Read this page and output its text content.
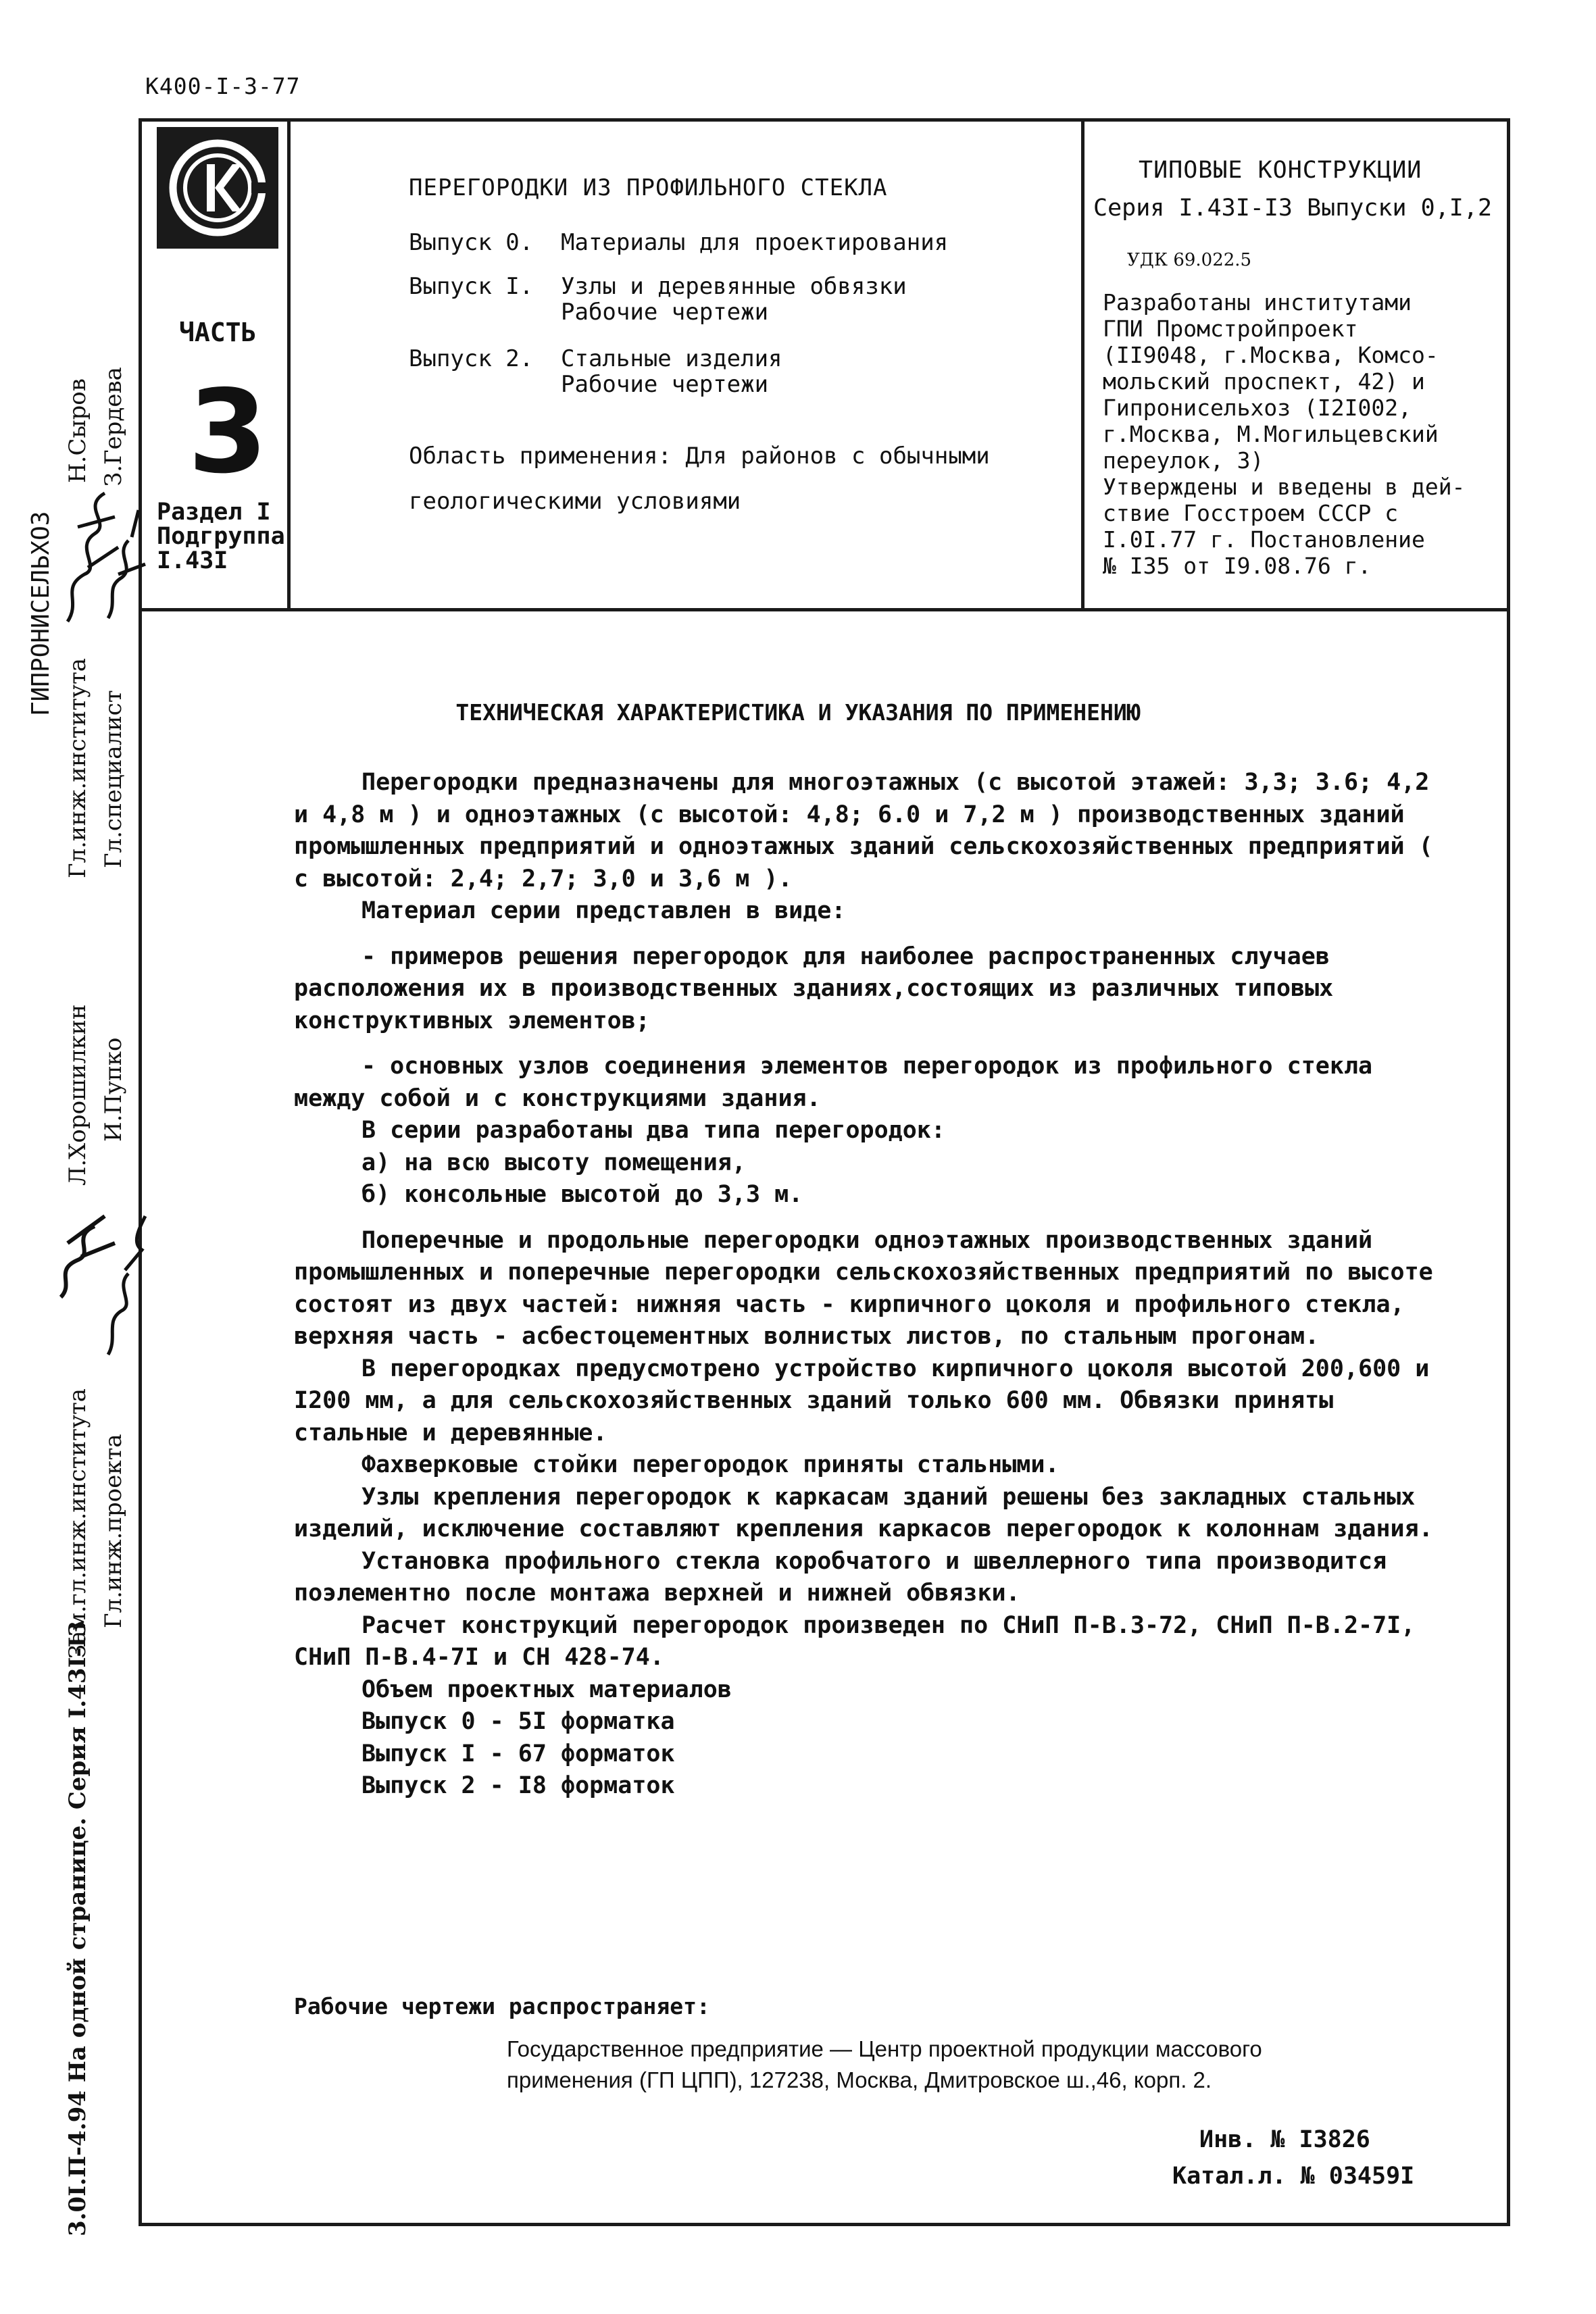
К400-I-3-77
ЧАСТЬ
3
Раздел I
Подгруппа
I.43I
ПЕРЕГОРОДКИ ИЗ ПРОФИЛЬНОГО СТЕКЛА
Выпуск 0. Материалы для проектирования
Выпуск I. Узлы и деревянные обвязки
Рабочие чертежи
Выпуск 2. Стальные изделия
Рабочие чертежи
Область применения: Для районов с обычными
геологическими условиями
ТИПОВЫЕ КОНСТРУКЦИИ
Серия I.43I-I3 Выпуски 0,I,2
УДК 69.022.5
Разработаны институтами
ГПИ Промстройпроект
(II9048, г.Москва, Комсо-
мольский проспект, 42) и
Гипронисельхоз (I2I002,
г.Москва, М.Могильцевский
переулок, 3)
Утверждены и введены в дей-
ствие Госстроем СССР с
I.0I.77 г. Постановление
№ I35 от I9.08.76 г.
ГИПРОНИСЕЛЬХОЗ
Гл.инж.института
Н.Сыров
Гл.специалист
З.Гердева
Зам.гл.инж.института
Л.Хорошилкин
Гл.инж.проекта
И.Пупко
3.0I.П-4.94 На одной странице. Серия I.43I-I3
ТЕХНИЧЕСКАЯ ХАРАКТЕРИСТИКА И УКАЗАНИЯ ПО ПРИМЕНЕНИЮ

Перегородки предназначены для многоэтажных (с высотой этажей: 3,3; 3.6; 4,2 и 4,8 м ) и одноэтажных (с высотой: 4,8; 6.0 и 7,2 м ) производственных зданий промышленных предприятий и одноэтажных зданий сельскохозяйственных предприятий ( с высотой: 2,4; 2,7; 3,0 и 3,6 м ).

Материал серии представлен в виде:

- примеров решения перегородок для наиболее распространенных случаев расположения их в производственных зданиях,состоящих из различных типовых конструктивных элементов;

- основных узлов соединения элементов перегородок из профильного стекла между собой и с конструкциями здания.

В серии разработаны два типа перегородок:

а) на всю высоту помещения,

б) консольные высотой до 3,3 м.

Поперечные и продольные перегородки одноэтажных производственных зданий промышленных и поперечные перегородки сельскохозяйственных предприятий по высоте состоят из двух частей: нижняя часть - кирпичного цоколя и профильного стекла, верхняя часть - асбестоцементных волнистых листов, по стальным прогонам.

В перегородках предусмотрено устройство кирпичного цоколя высотой 200,600 и I200 мм, а для сельскохозяйственных зданий только 600 мм. Обвязки приняты стальные и деревянные.

Фахверковые стойки перегородок приняты стальными.

Узлы крепления перегородок к каркасам зданий решены без закладных стальных изделий, исключение составляют крепления каркасов перегородок к колоннам здания.

Установка профильного стекла коробчатого и швеллерного типа производится поэлементно после монтажа верхней и нижней обвязки.

Расчет конструкций перегородок произведен по СНиП П-В.3-72, СНиП П-В.2-7I, СНиП П-В.4-7I и СН 428-74.

Объем проектных материалов

Выпуск 0 - 5I форматка

Выпуск I - 67 форматок

Выпуск 2 - I8 форматок

Рабочие чертежи распространяет:
Государственное предприятие — Центр проектной продукции массового
применения (ГП ЦПП), 127238, Москва, Дмитровское ш.,46, корп. 2.
Инв. № I3826
Катал.л. № 03459I
